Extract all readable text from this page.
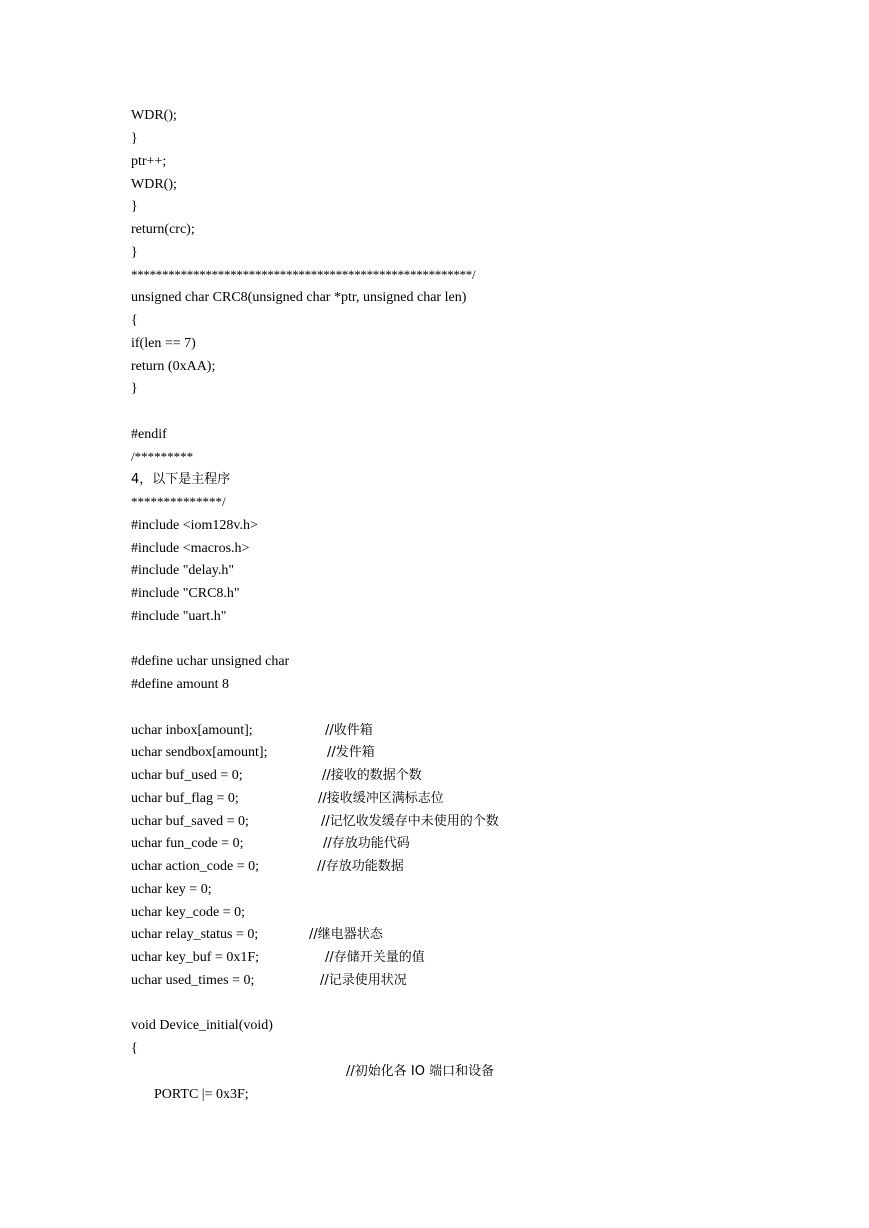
WDR();
}
ptr++;
WDR();
}
return(crc);
}
*******************************************************/
unsigned char CRC8(unsigned char *ptr, unsigned char len)
{
if(len == 7)
return (0xAA);
}
#endif
/*********
4，以下是主程序
**************/
#include <iom128v.h>
#include <macros.h>
#include "delay.h"
#include "CRC8.h"
#include "uart.h"
#define uchar unsigned char
#define amount 8
uchar inbox[amount];	//收件箱
uchar sendbox[amount];	//发件箱
uchar buf_used = 0;	//接收的数据个数
uchar buf_flag = 0;	//接收缓冲区满标志位
uchar buf_saved = 0;	//记忆收发缓存中未使用的个数
uchar fun_code = 0;	//存放功能代码
uchar action_code = 0;	//存放功能数据
uchar key = 0;
uchar key_code = 0;
uchar relay_status = 0;	//继电器状态
uchar key_buf = 0x1F;	//存储开关量的值
uchar used_times = 0;	//记录使用状况
void Device_initial(void)
{
//初始化各 IO 端口和设备
PORTC |= 0x3F;
